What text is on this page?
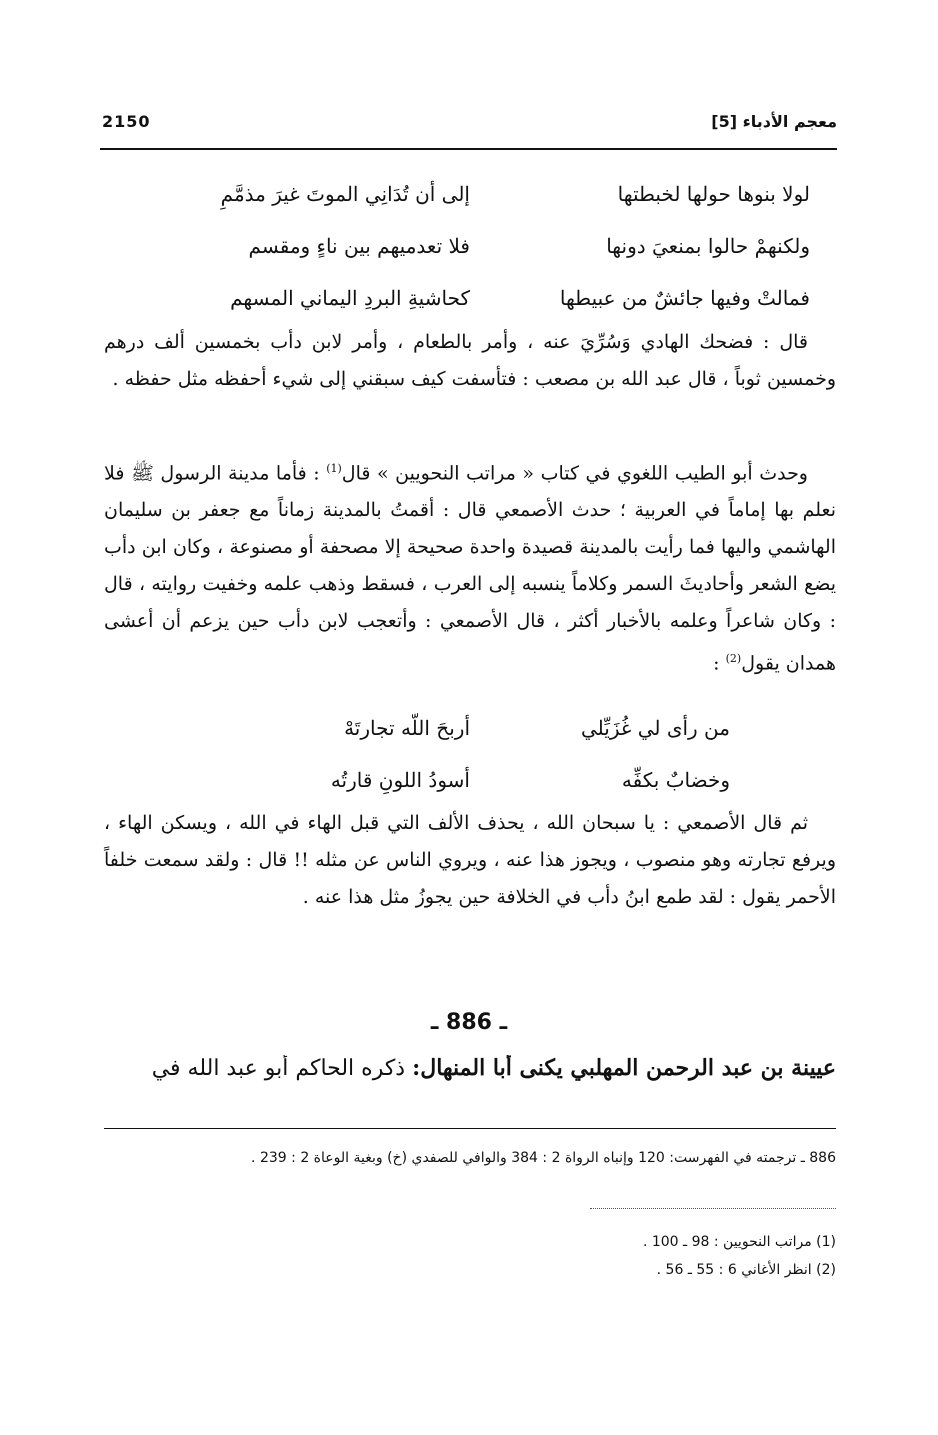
معجم الأدباء [5]
2150
لولا بنوها حولها لخبطتها
إلى أن تُدَانِي الموتَ غيرَ مذمَّمِ
ولكنهمْ حالوا بمنعيَ دونها
فلا تعدميهم بين ناءٍ ومقسم
فمالتْ وفيها جائشٌ من عبيطها
كحاشيةِ البردِ اليماني المسهم

قال : فضحك الهادي وَسُرِّيَ عنه ، وأمر بالطعام ، وأمر لابن دأب بخمسين ألف درهم وخمسين ثوباً ، قال عبد الله بن مصعب : فتأسفت كيف سبقني إلى شيء أحفظه مثل حفظه .

وحدث أبو الطيب اللغوي في كتاب « مراتب النحويين » قال$^{(1)}$ : فأما مدينة الرسول ﷺ فلا نعلم بها إماماً في العربية ؛ حدث الأصمعي قال : أقمتُ بالمدينة زماناً مع جعفر بن سليمان الهاشمي واليها فما رأيت بالمدينة قصيدة واحدة صحيحة إلا مصحفة أو مصنوعة ، وكان ابن دأب يضع الشعر وأحاديثَ السمر وكلاماً ينسبه إلى العرب ، فسقط وذهب علمه وخفيت روايته ، قال : وكان شاعراً وعلمه بالأخبار أكثر ، قال الأصمعي : وأتعجب لابن دأب حين يزعم أن أعشى همدان يقول$^{(2)}$ :

من رأى لي غُزَيِّلي
أربحَ اللّه تجارتَهْ
وخضابٌ بكفِّه
أسودُ اللونِ قارتُه

ثم قال الأصمعي : يا سبحان الله ، يحذف الألف التي قبل الهاء في الله ، ويسكن الهاء ، ويرفع تجارته وهو منصوب ، ويجوز هذا عنه ، ويروي الناس عن مثله !! قال : ولقد سمعت خلفاً الأحمر يقول : لقد طمع ابنُ دأب في الخلافة حين يجوزُ مثل هذا عنه .

ـ 886 ـ
عيينة بن عبد الرحمن المهلبي يكنى أبا المنهال: ذكره الحاكم أبو عبد الله في
886 ـ ترجمته في الفهرست: 120 وإنباه الرواة 2 : 384 والوافي للصفدي (خ) وبغية الوعاة 2 : 239 .
(1) مراتب النحويين : 98 ـ 100 .
(2) انظر الأغاني 6 : 55 ـ 56 .
